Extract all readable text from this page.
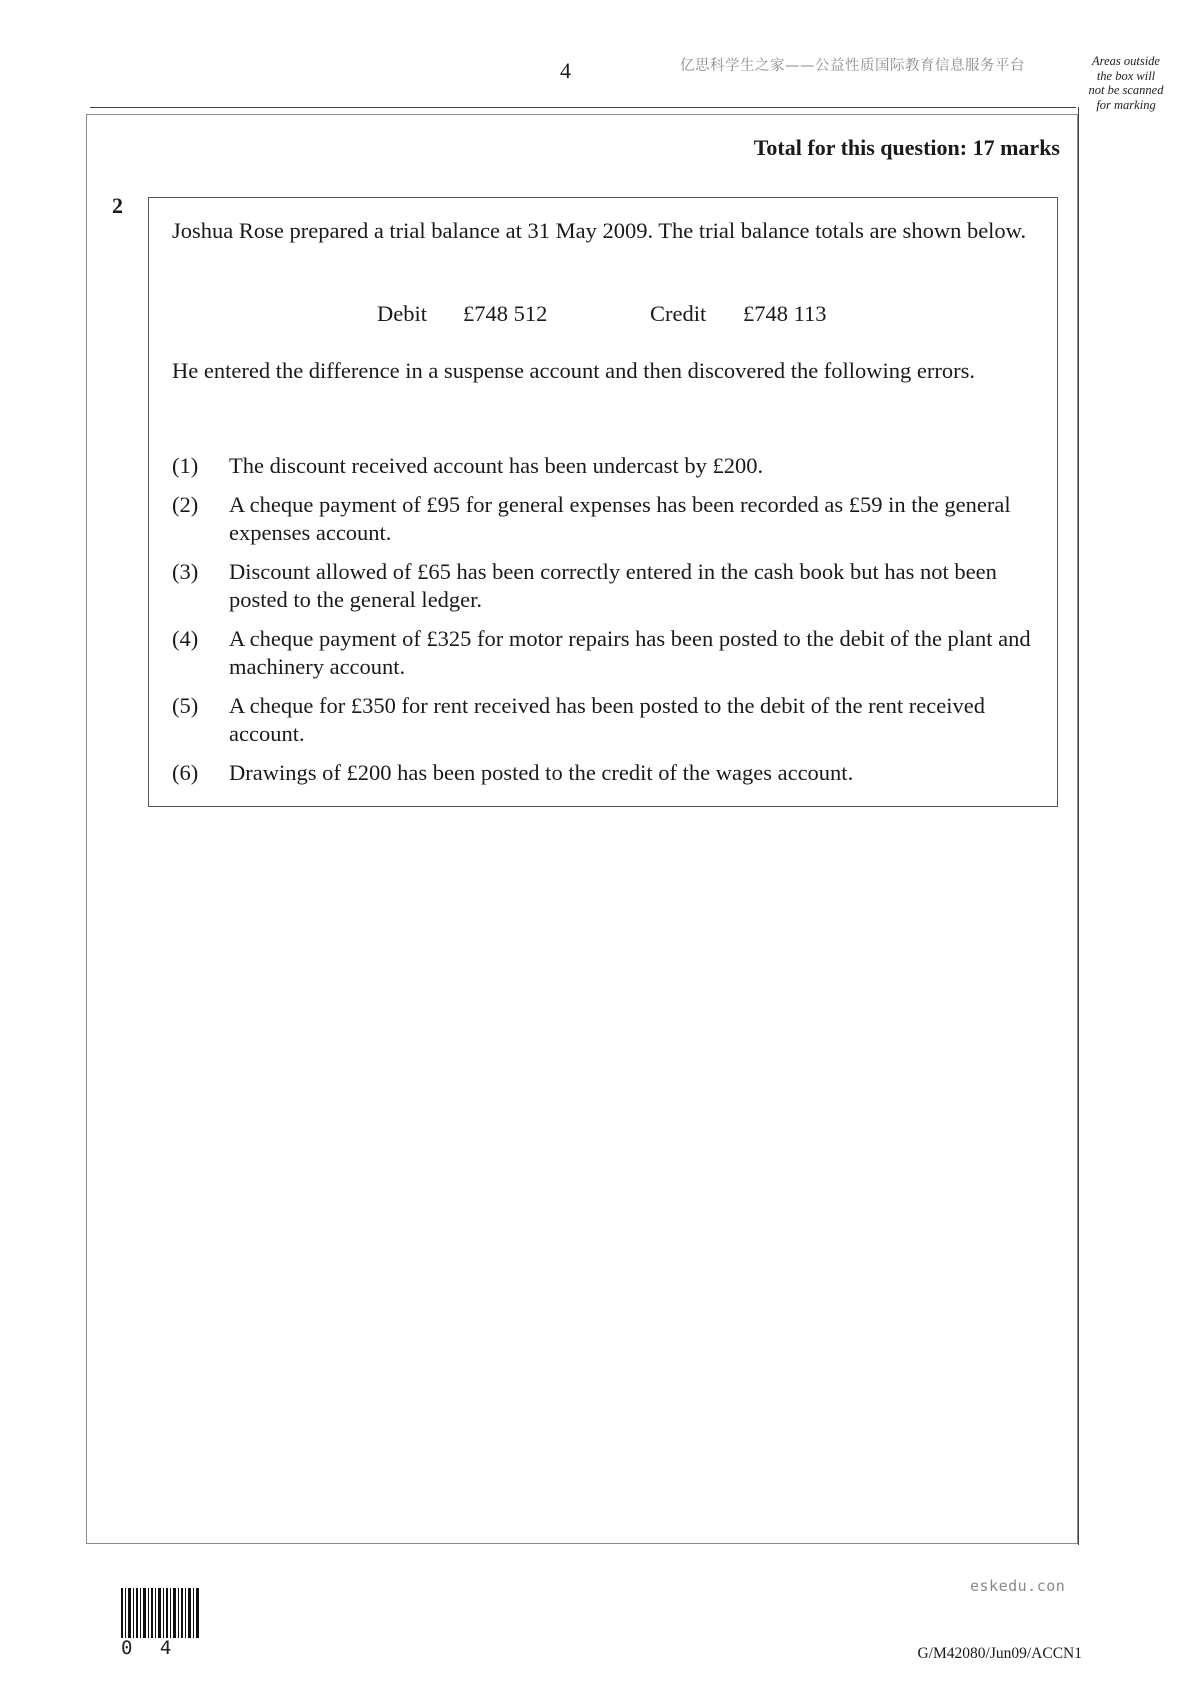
4	亿思科学生之家——公益性质国际教育信息服务平台	Areas outside
the box will
not be scanned
for marking
Total for this question: 17 marks
2
Joshua Rose prepared a trial balance at 31 May 2009. The trial balance totals are shown below.
Debit £748 512	Credit £748 113
He entered the difference in a suspense account and then discovered the following errors.
(1)	The discount received account has been undercast by £200.
(2)	A cheque payment of £95 for general expenses has been recorded as £59 in the general expenses account.
(3)	Discount allowed of £65 has been correctly entered in the cash book but has not been posted to the general ledger.
(4)	A cheque payment of £325 for motor repairs has been posted to the debit of the plant and machinery account.
(5)	A cheque for £350 for rent received has been posted to the debit of the rent received account.
(6)	Drawings of £200 has been posted to the credit of the wages account.
eskedu.con
0 4	G/M42080/Jun09/ACCN1
